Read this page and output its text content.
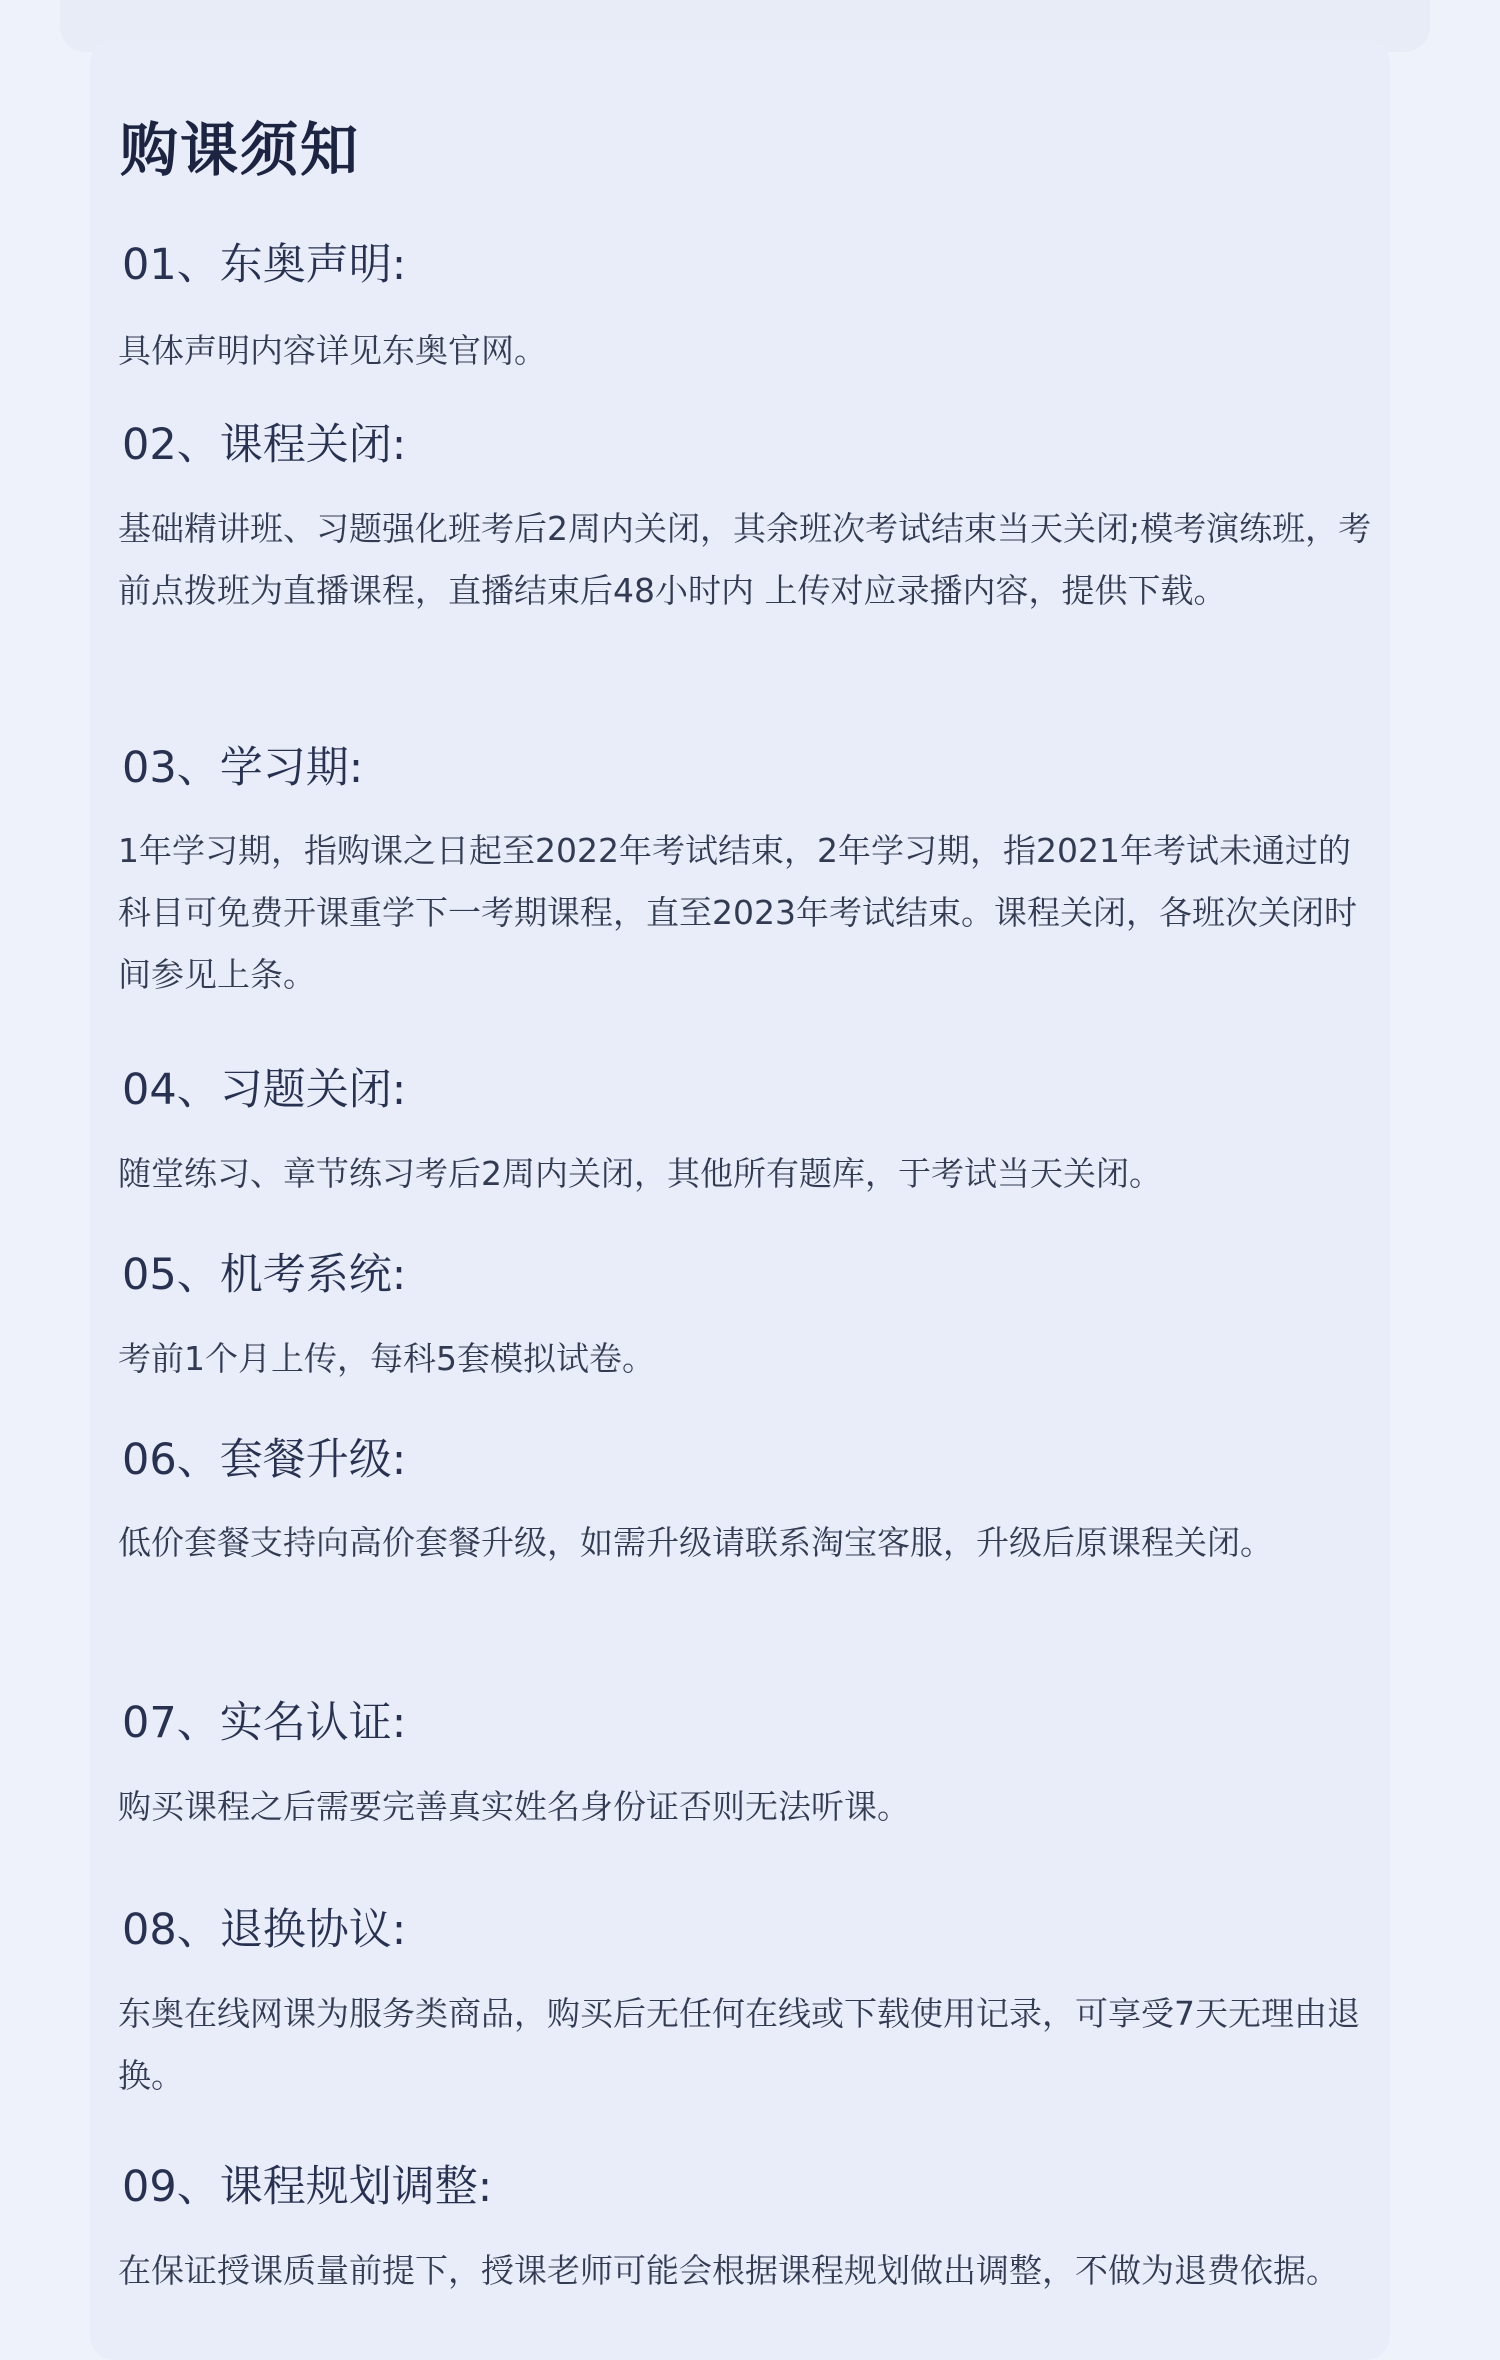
购课须知
01、东奥声明:

具体声明内容详见东奥官网。

02、课程关闭:

基础精讲班、习题强化班考后2周内关闭，其余班次考试结束当天关闭;模考演练班，考前点拨班为直播课程，直播结束后48小时内 上传对应录播内容，提供下载。

03、学习期:

1年学习期，指购课之日起至2022年考试结束，2年学习期，指2021年考试未通过的科目可免费开课重学下一考期课程，直至2023年考试结束。课程关闭，各班次关闭时间参见上条。

04、习题关闭:

随堂练习、章节练习考后2周内关闭，其他所有题库，于考试当天关闭。

05、机考系统:

考前1个月上传，每科5套模拟试卷。

06、套餐升级:

低价套餐支持向高价套餐升级，如需升级请联系淘宝客服，升级后原课程关闭。

07、实名认证:

购买课程之后需要完善真实姓名身份证否则无法听课。

08、退换协议:

东奥在线网课为服务类商品，购买后无任何在线或下载使用记录，可享受7天无理由退换。

09、课程规划调整:

在保证授课质量前提下，授课老师可能会根据课程规划做出调整，不做为退费依据。
